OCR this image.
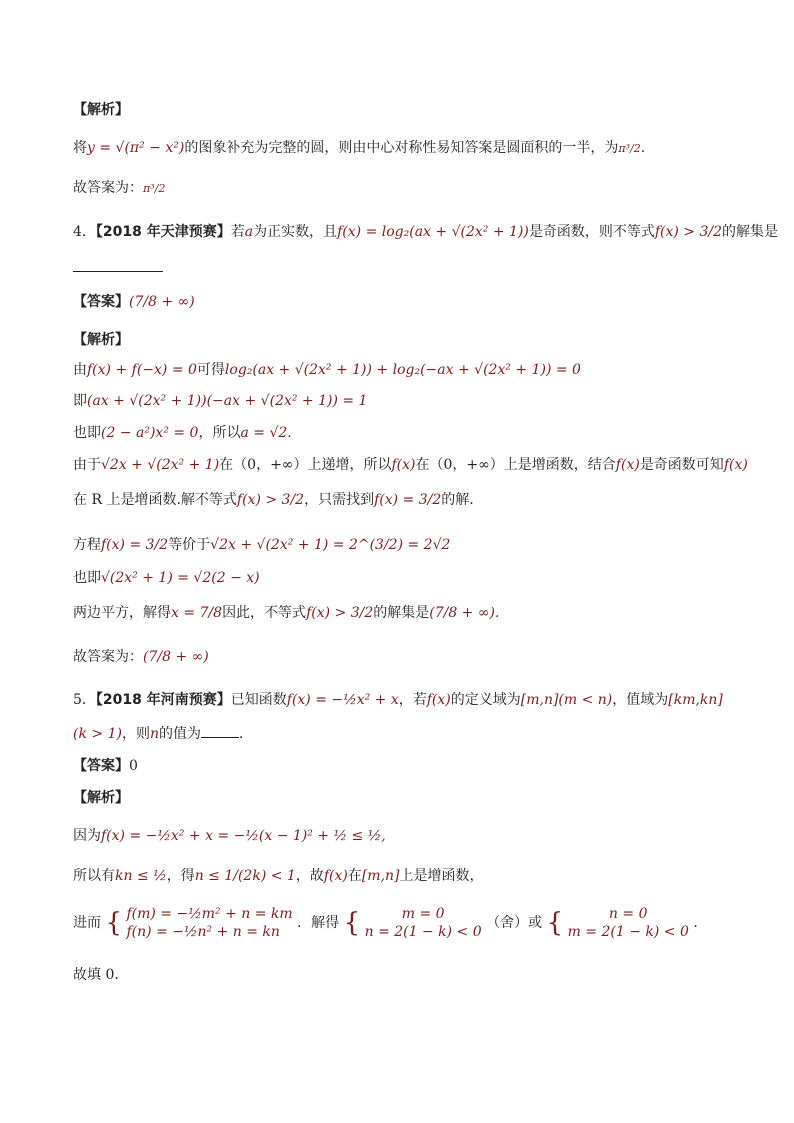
【解析】
将y = √(π² − x²)的图象补充为完整的圆，则由中心对称性易知答案是圆面积的一半，为π³/2.
故答案为：π³/2
4．【2018 年天津预赛】若a为正实数，且f(x) = log₂(ax + √(2x² + 1))是奇函数，则不等式f(x) > 3/2的解集是
【答案】(7/8 + ∞)
【解析】
由f(x) + f(−x) = 0可得log₂(ax + √(2x² + 1)) + log₂(−ax + √(2x² + 1)) = 0
即(ax + √(2x² + 1))(−ax + √(2x² + 1)) = 1
也即(2 − a²)x² = 0，所以a = √2.
由于√2x + √(2x² + 1)在（0，+∞）上递增，所以f(x)在（0，+∞）上是增函数，结合f(x)是奇函数可知f(x)
在 R 上是增函数.解不等式f(x) > 3/2，只需找到f(x) = 3/2的解.
方程f(x) = 3/2等价于√2x + √(2x² + 1) = 2^(3/2) = 2√2
也即√(2x² + 1) = √2(2 − x)
两边平方，解得x = 7/8因此，不等式f(x) > 3/2的解集是(7/8 + ∞).
故答案为：(7/8 + ∞)
5．【2018 年河南预赛】已知函数f(x) = −½x² + x，若f(x)的定义域为[m,n](m < n)，值域为[km,kn]
(k > 1)，则n的值为	．
【答案】0
【解析】
因为f(x) = −½x² + x = −½(x − 1)² + ½ ≤ ½,
所以有kn ≤ ½，得n ≤ 1/(2k) < 1，故f(x)在[m,n]上是增函数，
进而 { f(m) = −½m² + n = km
f(n) = −½n² + n = kn
．解得 {	m = 0
n = 2(1 − k) < 0
（舍）或 {	n = 0
m = 2(1 − k) < 0
．
故填 0．
